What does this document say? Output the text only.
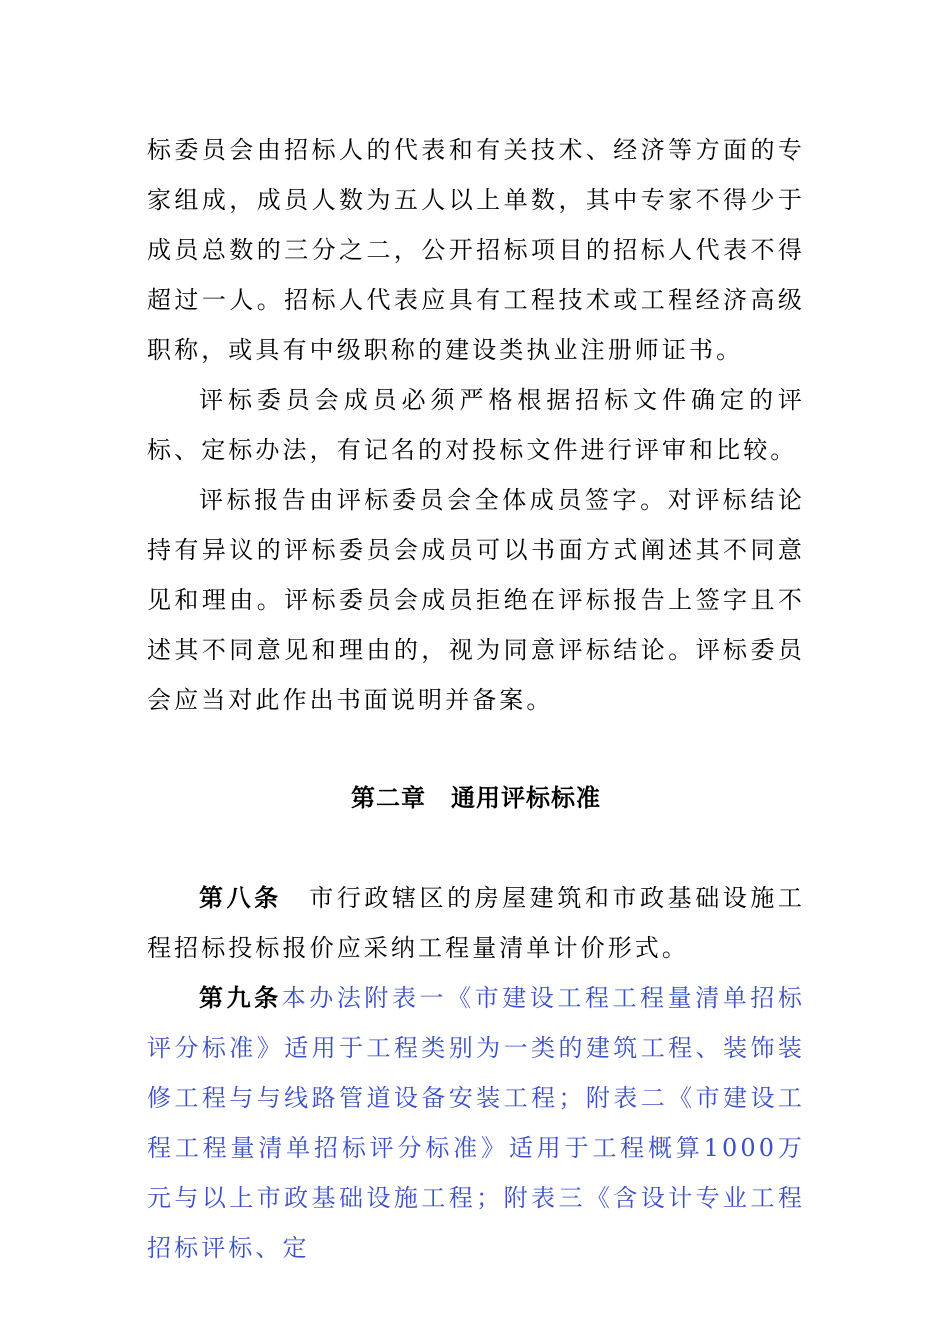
标委员会由招标人的代表和有关技术、经济等方面的专家组成，成员人数为五人以上单数，其中专家不得少于成员总数的三分之二，公开招标项目的招标人代表不得超过一人。招标人代表应具有工程技术或工程经济高级职称，或具有中级职称的建设类执业注册师证书。

评标委员会成员必须严格根据招标文件确定的评标、定标办法，有记名的对投标文件进行评审和比较。

评标报告由评标委员会全体成员签字。对评标结论持有异议的评标委员会成员可以书面方式阐述其不同意见和理由。评标委员会成员拒绝在评标报告上签字且不述其不同意见和理由的，视为同意评标结论。评标委员会应当对此作出书面说明并备案。

第二章　通用评标标准

第八条　市行政辖区的房屋建筑和市政基础设施工程招标投标报价应采纳工程量清单计价形式。

第九条本办法附表一《市建设工程工程量清单招标评分标准》适用于工程类别为一类的建筑工程、装饰装修工程与与线路管道设备安装工程；附表二《市建设工程工程量清单招标评分标准》适用于工程概算1000万元与以上市政基础设施工程；附表三《含设计专业工程招标评标、定
